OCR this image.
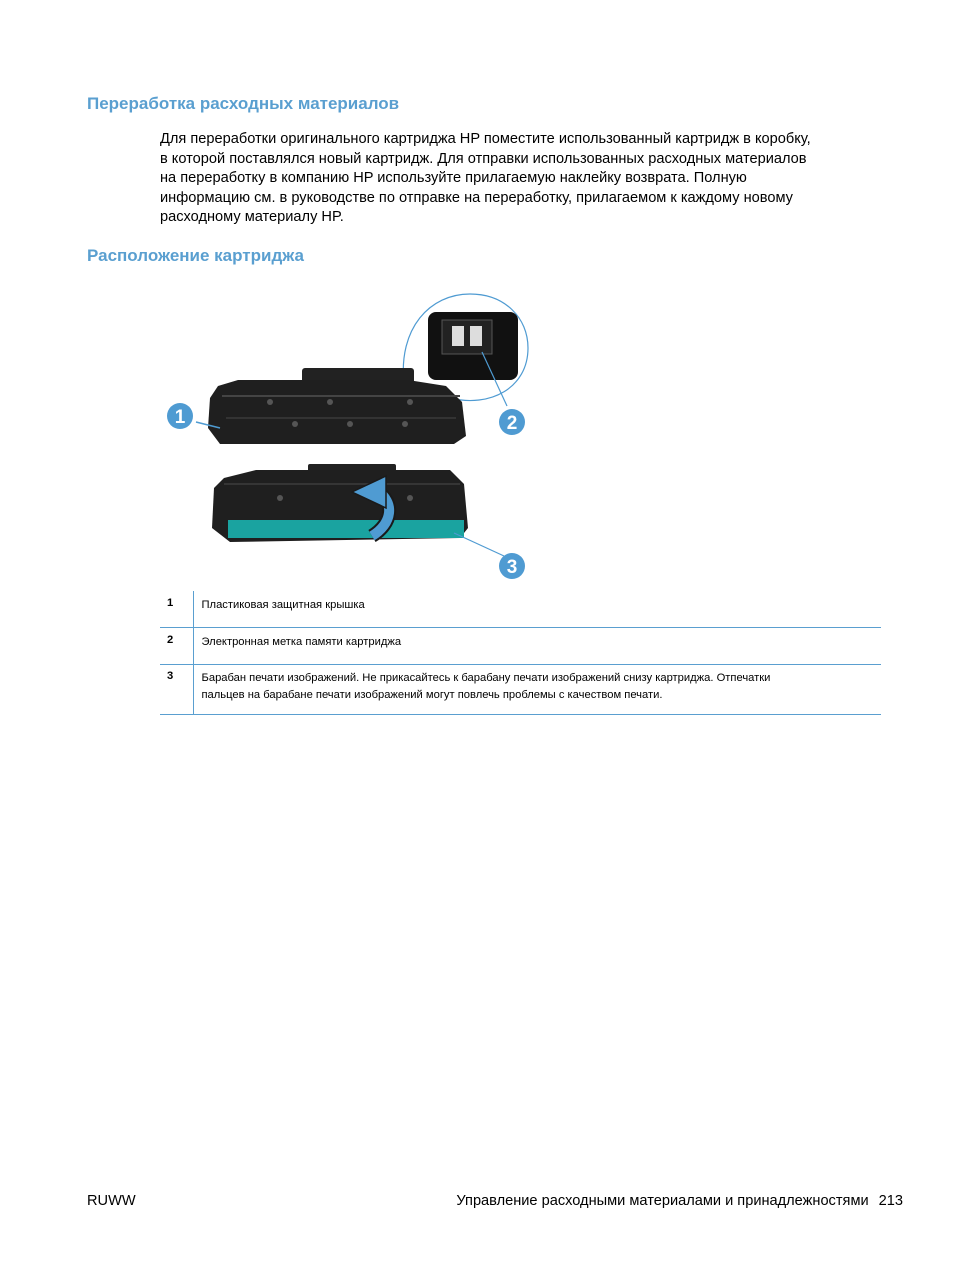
Переработка расходных материалов

Для переработки оригинального картриджа HP поместите использованный картридж в коробку,
в которой поставлялся новый картридж. Для отправки использованных расходных материалов
на переработку в компанию HP используйте прилагаемую наклейку возврата. Полную
информацию см. в руководстве по отправке на переработку, прилагаемом к каждому новому
расходному материалу HP.

Расположение картриджа
1	2
3
1	Пластиковая защитная крышка
2	Электронная метка памяти картриджа
3	Барабан печати изображений. Не прикасайтесь к барабану печати изображений снизу картриджа. Отпечатки
пальцев на барабане печати изображений могут повлечь проблемы с качеством печати.
RUWW	Управление расходными материалами и принадлежностями 213
